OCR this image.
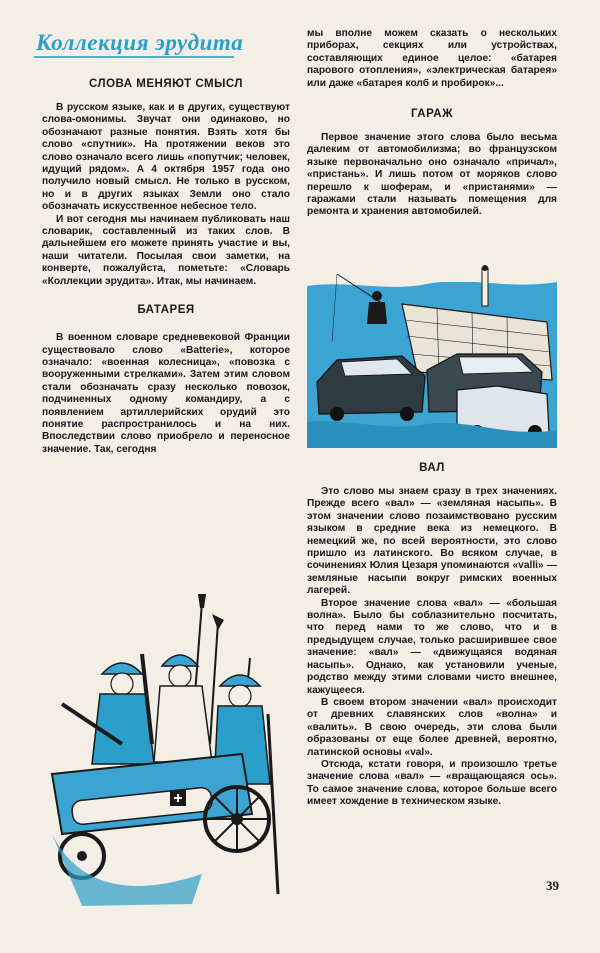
Коллекция эрудита
СЛОВА МЕНЯЮТ СМЫСЛ

В русском языке, как и в других, существуют слова-омонимы. Звучат они одинаково, но обозначают разные понятия. Взять хотя бы слово «спутник». На протяжении веков это слово означало всего лишь «попутчик; человек, идущий рядом». А 4 октября 1957 года оно получило новый смысл. Не только в русском, но и в других языках Земли оно стало обозначать искусственное небесное тело.

И вот сегодня мы начинаем публиковать наш словарик, составленный из таких слов. В дальнейшем его можете принять участие и вы, наши читатели. Посылая свои заметки, на конверте, пожалуйста, пометьте: «Словарь «Коллекции эрудита». Итак, мы начинаем.

БАТАРЕЯ

В военном словаре средневековой Франции существовало слово «Batterie», которое означало: «военная колесница», «повозка с вооруженными стрелками». Затем этим словом стали обозначать сразу несколько повозок, подчиненных одному командиру, а с появлением артиллерийских орудий это понятие распространилось и на них. Впоследствии слово приобрело и переносное значение. Так, сегодня

мы вполне можем сказать о нескольких приборах, секциях или устройствах, составляющих единое целое: «батарея парового отопления», «электрическая батарея» или даже «батарея колб и пробирок»...

ГАРАЖ

Первое значение этого слова было весьма далеким от автомобилизма; во французском языке первоначально оно означало «причал», «пристань». И лишь потом от моряков слово перешло к шоферам, и «пристанями» — гаражами стали называть помещения для ремонта и хранения автомобилей.

ВАЛ

Это слово мы знаем сразу в трех значениях. Прежде всего «вал» — «земляная насыпь». В этом значении слово позаимствовано русским языком в средние века из немецкого. В немецкий же, по всей вероятности, это слово пришло из латинского. Во всяком случае, в сочинениях Юлия Цезаря упоминаются «valli» — земляные насыпи вокруг римских военных лагерей.

Второе значение слова «вал» — «большая волна». Было бы соблазнительно посчитать, что перед нами то же слово, что и в предыдущем случае, только расширившее свое значение: «вал» — «движущаяся водяная насыпь». Однако, как установили ученые, родство между этими словами чисто внешнее, кажущееся.

В своем втором значении «вал» происходит от древних славянских слов «волна» и «валить». В свою очередь, эти слова были образованы от еще более древней, вероятно, латинской основы «val».

Отсюда, кстати говоря, и произошло третье значение слова «вал» — «вращающаяся ось». То самое значение слова, которое больше всего имеет хождение в техническом языке.

39
